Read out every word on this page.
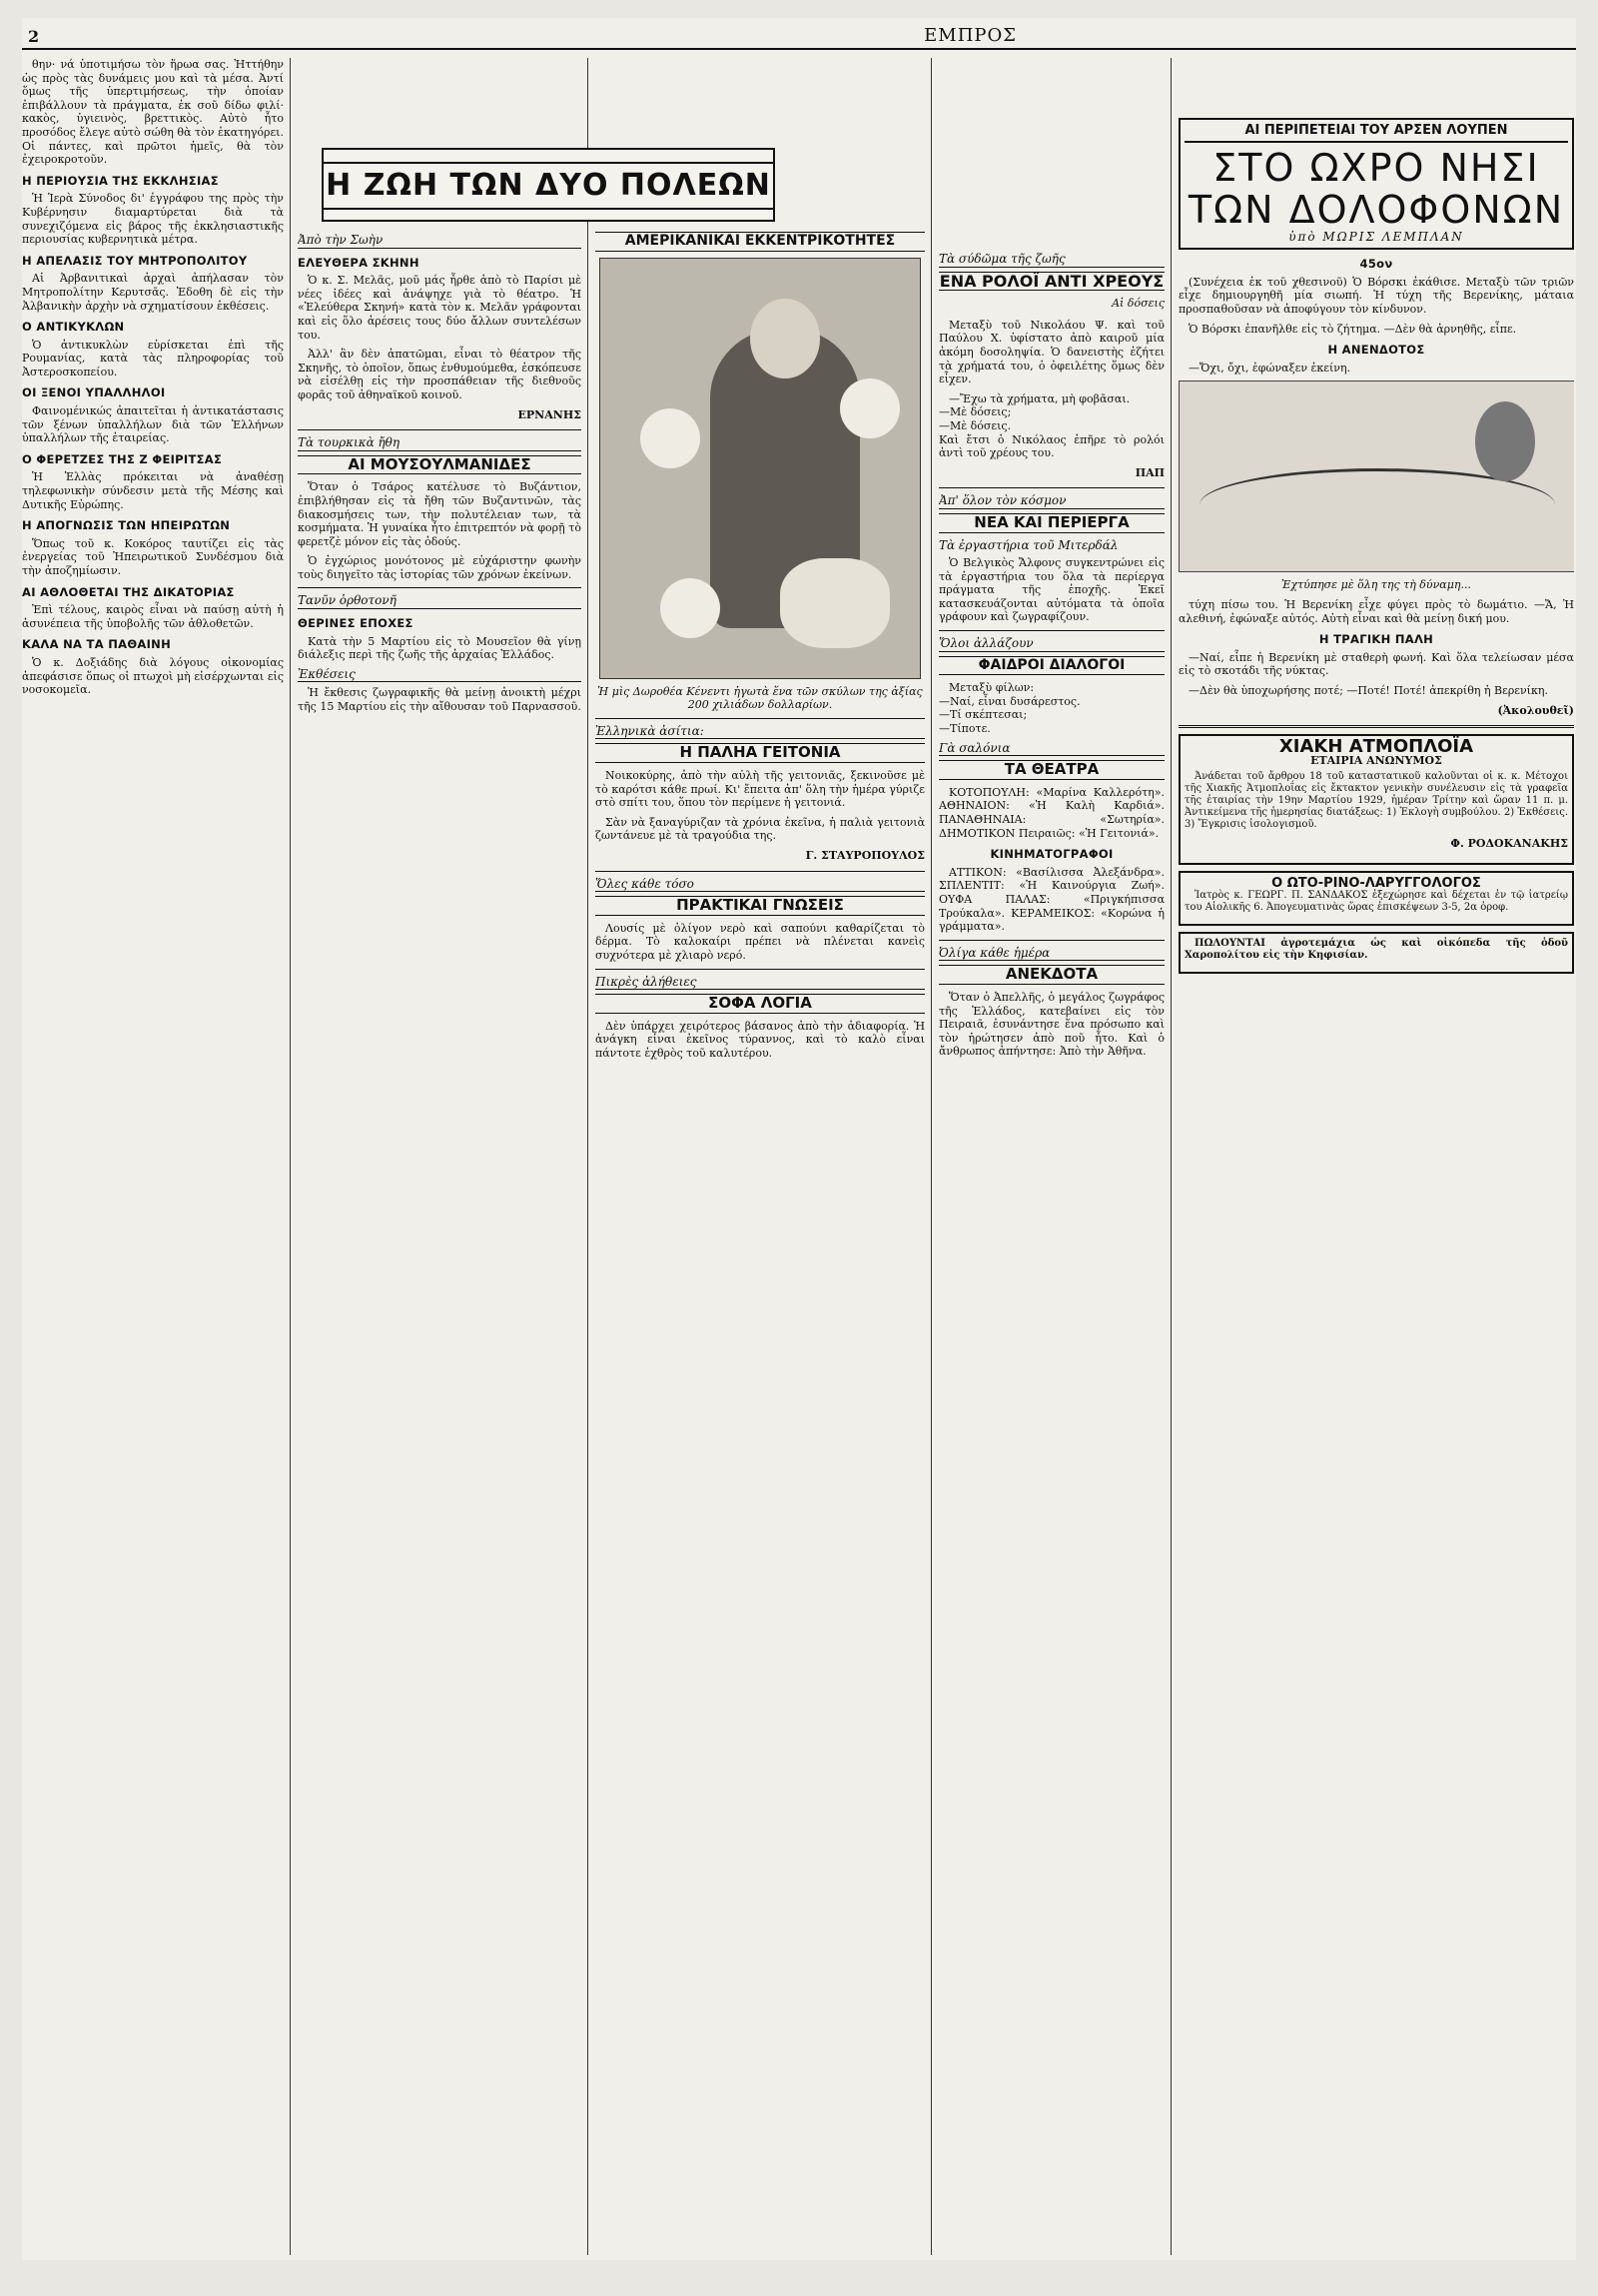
2	ΕΜΠΡΟΣ

θην· νά ὑποτιμήσω τὸν ἥρωα σας. Ἡττήθην ὡς πρὸς τὰς δυνάμεις μου καὶ τὰ μέσα. Ἀντί ὅμως τῆς ὑπερτιμήσεως, τὴν ὁποίαν ἐπιβάλλουν τὰ πράγματα, ἐκ σοῦ δίδω φιλί· κακὸς, ὑγιεινὸς, βρεττικὸς. Αὐτὸ ἦτο προσόδος ἔλεγε αὐτὸ σώθη θὰ τὸν ἐκατηγόρει. Οἱ πάντες, καὶ πρῶτοι ἡμεῖς, θὰ τὸν ἐχειροκροτοῦν.

Η ΠΕΡΙΟΥΣΙΑ ΤΗΣ ΕΚΚΛΗΣΙΑΣ

Ἡ Ἱερὰ Σύνοδος δι' ἐγγράφου της πρὸς τὴν Κυβέρνησιν διαμαρτύρεται διὰ τὰ συνεχιζόμενα εἰς βάρος τῆς ἐκκλησιαστικῆς περιουσίας κυβερνητικὰ μέτρα.

Η ΑΠΕΛΑΣΙΣ ΤΟΥ ΜΗΤΡΟΠΟΛΙΤΟΥ

Αἱ Ἀρβανιτικαὶ ἀρχαὶ ἀπήλασαν τὸν Μητροπολίτην Κερυτσᾶς. Ἐδοθη δὲ εἰς τὴν Ἀλβανικὴν ἀρχὴν νὰ σχηματίσουν ἐκθέσεις.

Ο ΑΝΤΙΚΥΚΛΩΝ

Ὁ ἀντικυκλὼν εὑρίσκεται ἐπὶ τῆς Ρουμανίας, κατὰ τὰς πληροφορίας τοῦ Ἀστεροσκοπείου.

ΟΙ ΞΕΝΟΙ ΥΠΑΛΛΗΛΟΙ

Φαινομένικώς ἀπαιτεῖται ἡ ἀντικατάστασις τῶν ξένων ὑπαλλήλων διὰ τῶν Ἑλλήνων ὑπαλλήλων τῆς ἐταιρείας.

Ο ΦΕΡΕΤΖΕΣ ΤΗΣ Ζ ΦΕΙΡΙΤΣΑΣ

Ἡ Ἑλλὰς πρόκειται νὰ ἀναθέσῃ τηλεφωνικὴν σύνδεσιν μετὰ τῆς Μέσης καὶ Δυτικῆς Εὐρώπης.

Η ΑΠΟΓΝΩΣΙΣ ΤΩΝ ΗΠΕΙΡΩΤΩΝ

Ὅπως τοῦ κ. Κοκόρος ταυτίζει εἰς τὰς ἐνεργείας τοῦ Ἠπειρωτικοῦ Συνδέσμου διὰ τὴν ἀποζημίωσιν.

ΑΙ ΑΘΛΟΘΕΤΑΙ ΤΗΣ ΔΙΚΑΤΟΡΙΑΣ

Ἐπὶ τέλους, καιρὸς εἶναι νὰ παύσῃ αὐτὴ ἡ ἀσυνέπεια τῆς ὑποβολῆς τῶν ἀθλοθετῶν.

ΚΑΛΑ ΝΑ ΤΑ ΠΑΘΑΙΝΗ

Ὁ κ. Δοξιάδης διὰ λόγους οἰκονομίας ἀπεφάσισε ὅπως οἱ πτωχοὶ μὴ εἰσέρχωνται εἰς νοσοκομεῖα.

Η ΖΩΗ ΤΩΝ ΔΥΟ ΠΟΛΕΩΝ
Ἀπὸ τὴν Σωὴν
ΕΛΕΥΘΕΡΑ ΣΚΗΝΗ

Ὁ κ. Σ. Μελᾶς, μοῦ μάς ἦρθε ἀπὸ τὸ Παρίσι μὲ νέες ἰδέες καὶ ἀνάψηχε γιὰ τὸ θέατρο. Ἡ «Ἐλεύθερα Σκηνή» κατὰ τὸν κ. Μελᾶν γράφονται καὶ εἰς ὅλο ἀρέσεις τους δύο ἄλλων συντελέσων του.

Ἀλλ' ἂν δὲν ἀπατῶμαι, εἶναι τὸ θέατρον τῆς Σκηνῆς, τὸ ὁποῖον, ὅπως ἐνθυμούμεθα, ἐσκόπευσε νὰ εἰσέλθῃ εἰς τὴν προσπάθειαν τῆς διεθνοῦς φορᾶς τοῦ ἀθηναϊκοῦ κοινοῦ.

ΕΡΝΑΝΗΣ
Τὰ τουρκικὰ ἤθη
ΑΙ ΜΟΥΣΟΥΛΜΑΝΙΔΕΣ

Ὅταν ὁ Τσάρος κατέλυσε τὸ Βυζάντιον, ἐπιβλήθησαν εἰς τὰ ἤθη τῶν Βυζαντινῶν, τὰς διακοσμήσεις των, τὴν πολυτέλειαν των, τὰ κοσμήματα. Ἡ γυναίκα ἦτο ἐπιτρεπτόν νὰ φορῇ τὸ φερετζὲ μόνον εἰς τὰς ὁδούς.

Ὁ ἐγχώριος μονότονος μὲ εὐχάριστην φωνὴν τοὺς διηγεῖτο τὰς ἱστορίας τῶν χρόνων ἐκείνων.

Τανῦν ὁρθοτονῆ
ΘΕΡΙΝΕΣ ΕΠΟΧΕΣ

Κατὰ τὴν 5 Μαρτίου εἰς τὸ Μουσεῖον θὰ γίνῃ διάλεξις περὶ τῆς ζωῆς τῆς ἀρχαίας Ἑλλάδος.

Ἐκθέσεις

Ἡ ἔκθεσις ζωγραφικῆς θὰ μείνῃ ἀνοικτὴ μέχρι τῆς 15 Μαρτίου εἰς τὴν αἴθουσαν τοῦ Παρνασσοῦ.

ΑΜΕΡΙΚΑΝΙΚΑΙ ΕΚΚΕΝΤΡΙΚΟΤΗΤΕΣ
Ἡ μὶς Δωροθέα Κένεντι ἠγωτὰ ἕνα τῶν σκύλων της ἀξίας 200 χιλιάδων δολλαρίων.
Ἑλληνικὰ ἀσίτια:
Η ΠΑΛΗΑ ΓΕΙΤΟΝΙΑ

Νοικοκύρης, ἀπὸ τὴν αὐλὴ τῆς γειτονιᾶς, ξεκινοῦσε μὲ τὸ καρότσι κάθε πρωί. Κι' ἔπειτα ἀπ' ὅλη τὴν ἡμέρα γύριζε στὸ σπίτι του, ὅπου τὸν περίμενε ἡ γειτονιά.

Σὰν νὰ ξαναγύριζαν τὰ χρόνια ἐκεῖνα, ἡ παλιὰ γειτονιὰ ζωντάνευε μὲ τὰ τραγούδια της.

Γ. ΣΤΑΥΡΟΠΟΥΛΟΣ
Ὅλες κάθε τόσο
ΠΡΑΚΤΙΚΑΙ ΓΝΩΣΕΙΣ

Λουσίς μὲ ὀλίγον νερὸ καὶ σαπούνι καθαρίζεται τὸ δέρμα. Τὸ καλοκαίρι πρέπει νὰ πλένεται κανεὶς συχνότερα μὲ χλιαρὸ νερό.

Πικρὲς ἀλήθειες
ΣΟΦΑ ΛΟΓΙΑ

Δὲν ὑπάρχει χειρότερος βάσανος ἀπὸ τὴν ἀδιαφορία. Ἡ ἀνάγκη εἶναι ἐκεῖνος τύραννος, καὶ τὸ καλὸ εἶναι πάντοτε ἐχθρὸς τοῦ καλυτέρου.

Τὰ σύδῶμα τῆς ζωῆς
ΕΝΑ ΡΟΛΟΪ ΑΝΤΙ ΧΡΕΟΥΣ
Αἱ δόσεις

Μεταξὺ τοῦ Νικολάου Ψ. καὶ τοῦ Παύλου Χ. ὑφίστατο ἀπὸ καιροῦ μία ἀκόμη δοσοληψία. Ὁ δανειστὴς ἐζήτει τὰ χρήματά του, ὁ ὀφειλέτης ὅμως δὲν εἶχεν.

—Ἔχω τὰ χρήματα, μὴ φοβᾶσαι.
—Μὲ δόσεις;
—Μὲ δόσεις.
Καὶ ἔτσι ὁ Νικόλαος ἐπῆρε τὸ ρολόι ἀντὶ τοῦ χρέους του.

ΠΑΠ
Ἀπ' ὅλον τὸν κόσμον
ΝΕΑ ΚΑΙ ΠΕΡΙΕΡΓΑ
Τὰ ἐργαστήρια τοῦ Μιτερδάλ

Ὁ Βελγικὸς Ἄλφονς συγκεντρώνει εἰς τὰ ἐργαστήρια του ὅλα τὰ περίεργα πράγματα τῆς ἐποχῆς. Ἐκεῖ κατασκευάζονται αὐτόματα τὰ ὁποῖα γράφουν καὶ ζωγραφίζουν.

Ὅλοι ἀλλάζουν
ΦΑΙΔΡΟΙ ΔΙΑΛΟΓΟΙ

Μεταξὺ φίλων:
—Ναί, εἶναι δυσάρεστος.
—Τί σκέπτεσαι;
—Τίποτε.

Γὰ σαλόνια
ΤΑ ΘΕΑΤΡΑ

ΚΟΤΟΠΟΥΛΗ: «Μαρίνα Καλλερότη». ΑΘΗΝΑΙΟΝ: «Ἡ Καλὴ Καρδιά». ΠΑΝΑΘΗΝΑΙΑ: «Σωτηρία». ΔΗΜΟΤΙΚΟΝ Πειραιῶς: «Ἡ Γειτονιά».

ΚΙΝΗΜΑΤΟΓΡΑΦΟΙ

ΑΤΤΙΚΟΝ: «Βασίλισσα Ἀλεξάνδρα». ΣΠΛΕΝΤΙΤ: «Ἡ Καινούργια Ζωή». ΟΥΦΑ ΠΑΛΑΣ: «Πριγκήπισσα Τρούκαλα». ΚΕΡΑΜΕΙΚΟΣ: «Κορώνα ἡ γράμματα».

Ὀλίγα κάθε ἡμέρα
ΑΝΕΚΔΟΤΑ

Ὅταν ὁ Ἀπελλῆς, ὁ μεγάλος ζωγράφος τῆς Ἑλλάδος, κατεβαίνει εἰς τὸν Πειραιᾶ, ἐσυνάντησε ἕνα πρόσωπο καὶ τὸν ἠρώτησεν ἀπὸ ποῦ ἦτο. Καὶ ὁ ἄνθρωπος ἀπήντησε: Ἀπὸ τὴν Ἀθῆνα.

ΑΙ ΠΕΡΙΠΕΤΕΙΑΙ ΤΟΥ ΑΡΣΕΝ ΛΟΥΠΕΝ
ΣΤΟ ΩΧΡΟ ΝΗΣΙ ΤΩΝ ΔΟΛΟΦΟΝΩΝ
ὑπὸ ΜΩΡΙΣ ΛΕΜΠΛΑΝ
45ον

(Συνέχεια ἐκ τοῦ χθεσινοῦ) Ὁ Βόρσκι ἐκάθισε. Μεταξὺ τῶν τριῶν εἶχε δημιουργηθῆ μία σιωπή. Ἡ τύχη τῆς Βερενίκης, μάταια προσπαθοῦσαν νὰ ἀποφύγουν τὸν κίνδυνον.

Ὁ Βόρσκι ἐπανῆλθε εἰς τὸ ζήτημα. —Δὲν θὰ ἀρνηθῆς, εἶπε.

Η ΑΝΕΝΔΟΤΟΣ

—Ὄχι, ὄχι, ἐφώναξεν ἐκείνη.

Ἐχτύπησε μὲ ὅλη της τὴ δύναμη...

τύχη πίσω του. Ἡ Βερενίκη εἶχε φύγει πρὸς τὸ δωμάτιο. —Ἄ, Ἠ αλεθινή, ἐφώναξε αὐτός. Αὐτὴ εἶναι καὶ θὰ μείνῃ δική μου.

Η ΤΡΑΓΙΚΗ ΠΑΛΗ

—Ναί, εἶπε ἡ Βερενίκη μὲ σταθερὴ φωνή. Καὶ ὅλα τελείωσαν μέσα εἰς τὸ σκοτάδι τῆς νύκτας.

—Δὲν θὰ ὑποχωρήσης ποτέ; —Ποτέ! Ποτέ! ἀπεκρίθη ἡ Βερενίκη.

(Ἀκολουθεῖ)
ΧΙΑΚΗ ΑΤΜΟΠΛΟΪΑ
ΕΤΑΙΡΙΑ ΑΝΩΝΥΜΟΣ

Ἀνάδεται τοῦ ἄρθρου 18 τοῦ καταστατικοῦ καλοῦνται οἱ κ. κ. Μέτοχοι τῆς Χιακῆς Ἀτμοπλοΐας εἰς ἔκτακτον γενικὴν συνέλευσιν εἰς τὰ γραφεῖα τῆς ἐταιρίας τὴν 19ην Μαρτίου 1929, ἡμέραν Τρίτην καὶ ὥραν 11 π. μ. Ἀντικείμενα τῆς ἡμερησίας διατάξεως: 1) Ἐκλογὴ συμβούλου. 2) Ἐκθέσεις. 3) Ἔγκρισις ἰσολογισμοῦ.

Φ. ΡΟΔΟΚΑΝΑΚΗΣ
Ο ΩΤΟ-ΡΙΝΟ-ΛΑΡΥΓΓΟΛΟΓΟΣ

Ἰατρὸς κ. ΓΕΩΡΓ. Π. ΣΑΝΔΑΚΟΣ ἐξεχώρησε καὶ δέχεται ἐν τῷ ἰατρείῳ του Αἰολικῆς 6. Ἀπογευματινὰς ὥρας ἐπισκέψεων 3-5, 2α ὀροφ.

ΠΩΛΟΥΝΤΑΙ ἀγροτεμάχια ὡς καὶ οἰκόπεδα τῆς ὁδοῦ Χαροπολίτου εἰς τὴν Κηφισίαν.
